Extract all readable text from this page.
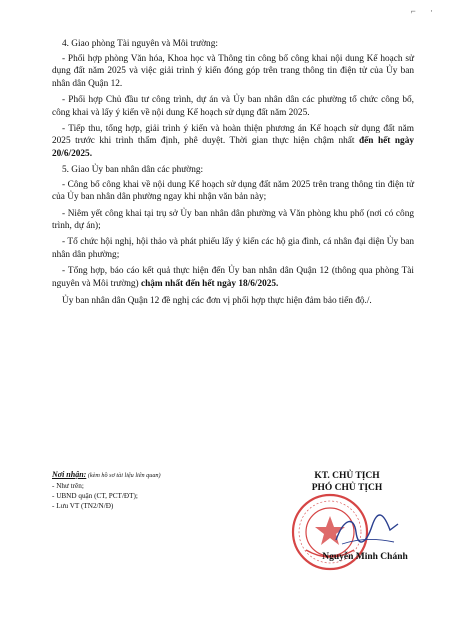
⌐ ·

4. Giao phòng Tài nguyên và Môi trường:

- Phối hợp phòng Văn hóa, Khoa học và Thông tin công bố công khai nội dung Kế hoạch sử dụng đất năm 2025 và việc giải trình ý kiến đóng góp trên trang thông tin điện tử của Ủy ban nhân dân Quận 12.

- Phối hợp Chủ đầu tư công trình, dự án và Ủy ban nhân dân các phường tổ chức công bố, công khai và lấy ý kiến về nội dung Kế hoạch sử dụng đất năm 2025.

- Tiếp thu, tổng hợp, giải trình ý kiến và hoàn thiện phương án Kế hoạch sử dụng đất năm 2025 trước khi trình thẩm định, phê duyệt. Thời gian thực hiện chậm nhất đến hết ngày 20/6/2025.

5. Giao Ủy ban nhân dân các phường:

- Công bố công khai về nội dung Kế hoạch sử dụng đất năm 2025 trên trang thông tin điện tử của Ủy ban nhân dân phường ngay khi nhận văn bản này;

- Niêm yết công khai tại trụ sở Ủy ban nhân dân phường và Văn phòng khu phố (nơi có công trình, dự án);

- Tổ chức hội nghị, hội thảo và phát phiếu lấy ý kiến các hộ gia đình, cá nhân đại diện Ủy ban nhân dân phường;

- Tổng hợp, báo cáo kết quả thực hiện đến Ủy ban nhân dân Quận 12 (thông qua phòng Tài nguyên và Môi trường) chậm nhất đến hết ngày 18/6/2025.

Ủy ban nhân dân Quận 12 đề nghị các đơn vị phối hợp thực hiện đảm bảo tiến độ./.

Nơi nhận: (kèm hồ sơ tài liệu liên quan)
- Như trên;
- UBND quận (CT, PCT/ĐT);
- Lưu VT (TN2/N/Đ)
KT. CHỦ TỊCH
PHÓ CHỦ TỊCH
Nguyễn Minh Chánh
